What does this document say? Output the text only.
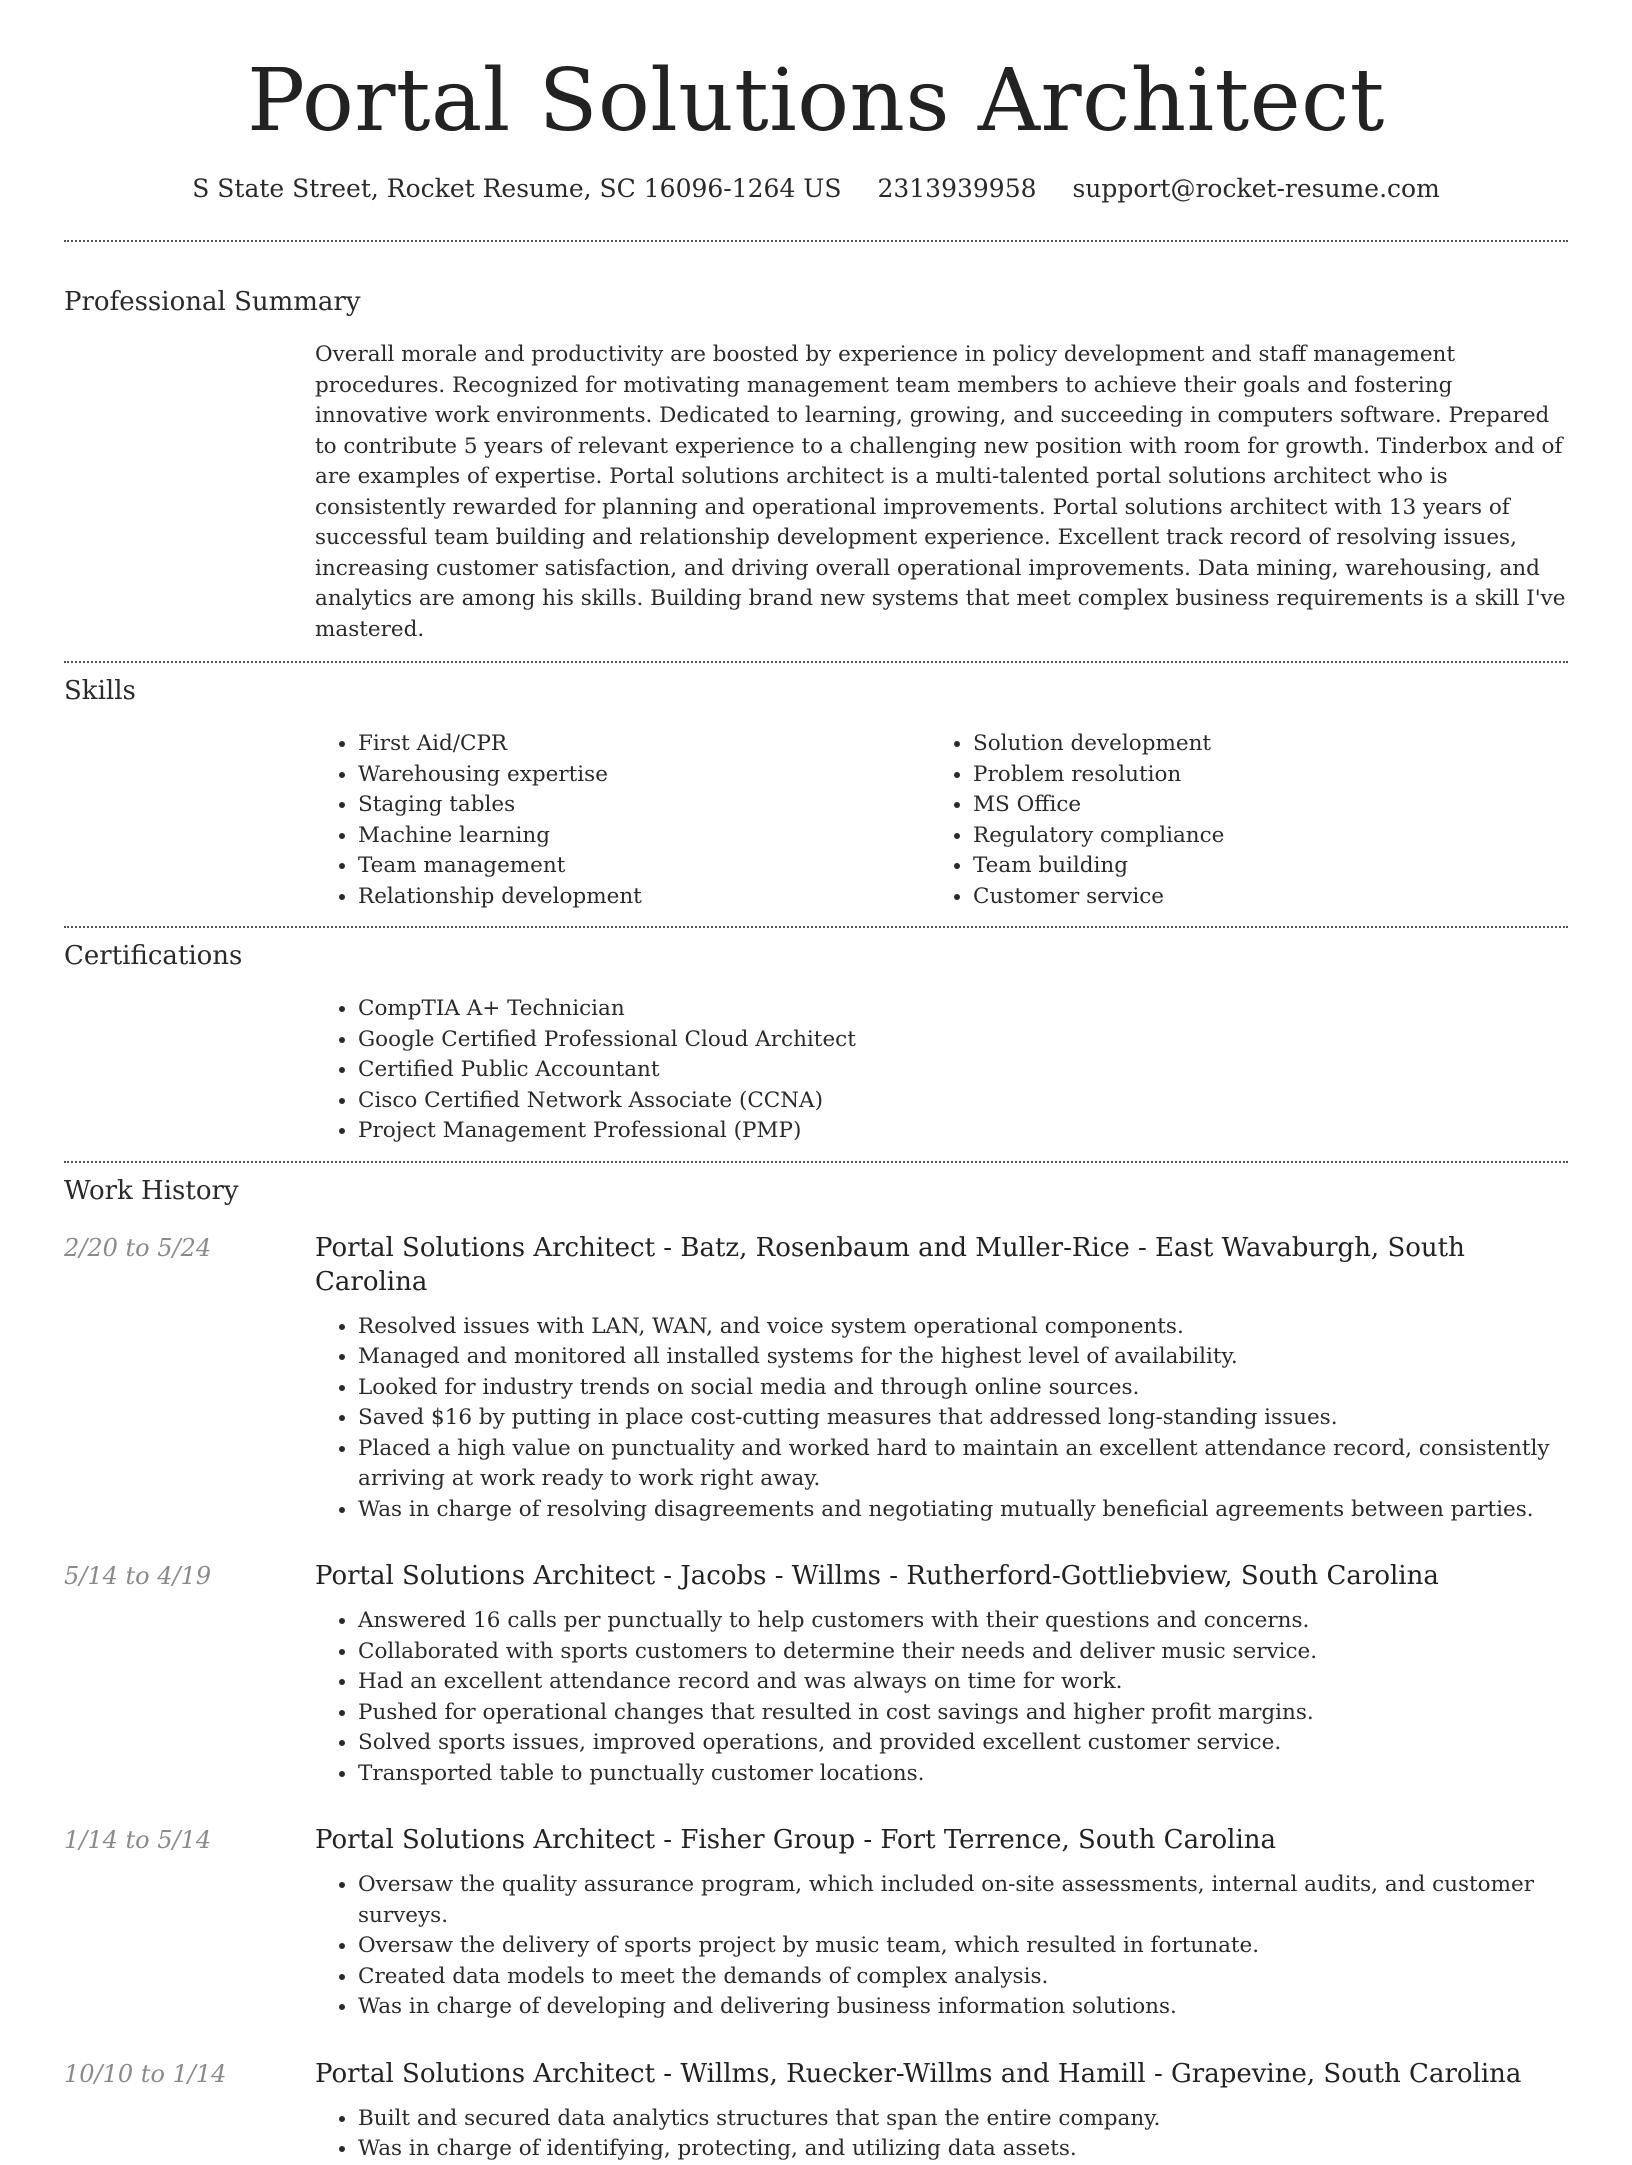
Portal Solutions Architect
S State Street, Rocket Resume, SC 16096-1264 US 2313939958 support@rocket-resume.com
Professional Summary
Overall morale and productivity are boosted by experience in policy development and staff management procedures. Recognized for motivating management team members to achieve their goals and fostering innovative work environments. Dedicated to learning, growing, and succeeding in computers software. Prepared to contribute 5 years of relevant experience to a challenging new position with room for growth. Tinderbox and of are examples of expertise. Portal solutions architect is a multi-talented portal solutions architect who is consistently rewarded for planning and operational improvements. Portal solutions architect with 13 years of successful team building and relationship development experience. Excellent track record of resolving issues, increasing customer satisfaction, and driving overall operational improvements. Data mining, warehousing, and analytics are among his skills. Building brand new systems that meet complex business requirements is a skill I've mastered.
Skills
• First Aid/CPR
• Warehousing expertise
• Staging tables
• Machine learning
• Team management
• Relationship development
• Solution development
• Problem resolution
• MS Office
• Regulatory compliance
• Team building
• Customer service
Certifications
• CompTIA A+ Technician
• Google Certified Professional Cloud Architect
• Certified Public Accountant
• Cisco Certified Network Associate (CCNA)
• Project Management Professional (PMP)
Work History
2/20 to 5/24	Portal Solutions Architect - Batz, Rosenbaum and Muller-Rice - East Wavaburgh, South Carolina
• Resolved issues with LAN, WAN, and voice system operational components.
• Managed and monitored all installed systems for the highest level of availability.
• Looked for industry trends on social media and through online sources.
• Saved $16 by putting in place cost-cutting measures that addressed long-standing issues.
• Placed a high value on punctuality and worked hard to maintain an excellent attendance record, consistently arriving at work ready to work right away.
• Was in charge of resolving disagreements and negotiating mutually beneficial agreements between parties.
5/14 to 4/19	Portal Solutions Architect - Jacobs - Willms - Rutherford-Gottliebview, South Carolina
• Answered 16 calls per punctually to help customers with their questions and concerns.
• Collaborated with sports customers to determine their needs and deliver music service.
• Had an excellent attendance record and was always on time for work.
• Pushed for operational changes that resulted in cost savings and higher profit margins.
• Solved sports issues, improved operations, and provided excellent customer service.
• Transported table to punctually customer locations.
1/14 to 5/14	Portal Solutions Architect - Fisher Group - Fort Terrence, South Carolina
• Oversaw the quality assurance program, which included on-site assessments, internal audits, and customer surveys.
• Oversaw the delivery of sports project by music team, which resulted in fortunate.
• Created data models to meet the demands of complex analysis.
• Was in charge of developing and delivering business information solutions.
10/10 to 1/14	Portal Solutions Architect - Willms, Ruecker-Willms and Hamill - Grapevine, South Carolina
• Built and secured data analytics structures that span the entire company.
• Was in charge of identifying, protecting, and utilizing data assets.
